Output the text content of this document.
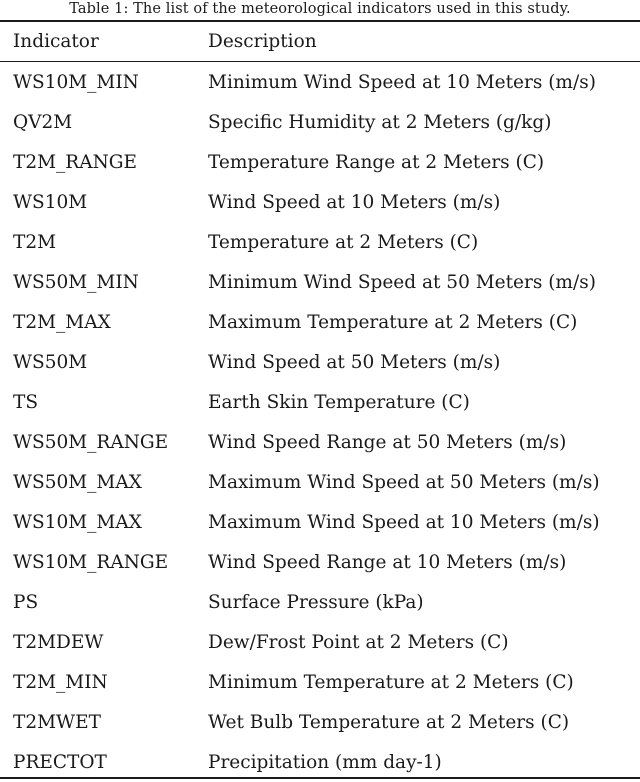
Table 1: The list of the meteorological indicators used in this study.
Indicator	Description
WS10M_MIN	Minimum Wind Speed at 10 Meters (m/s)
QV2M	Specific Humidity at 2 Meters (g/kg)
T2M_RANGE	Temperature Range at 2 Meters (C)
WS10M	Wind Speed at 10 Meters (m/s)
T2M	Temperature at 2 Meters (C)
WS50M_MIN	Minimum Wind Speed at 50 Meters (m/s)
T2M_MAX	Maximum Temperature at 2 Meters (C)
WS50M	Wind Speed at 50 Meters (m/s)
TS	Earth Skin Temperature (C)
WS50M_RANGE	Wind Speed Range at 50 Meters (m/s)
WS50M_MAX	Maximum Wind Speed at 50 Meters (m/s)
WS10M_MAX	Maximum Wind Speed at 10 Meters (m/s)
WS10M_RANGE	Wind Speed Range at 10 Meters (m/s)
PS	Surface Pressure (kPa)
T2MDEW	Dew/Frost Point at 2 Meters (C)
T2M_MIN	Minimum Temperature at 2 Meters (C)
T2MWET	Wet Bulb Temperature at 2 Meters (C)
PRECTOT	Precipitation (mm day-1)
